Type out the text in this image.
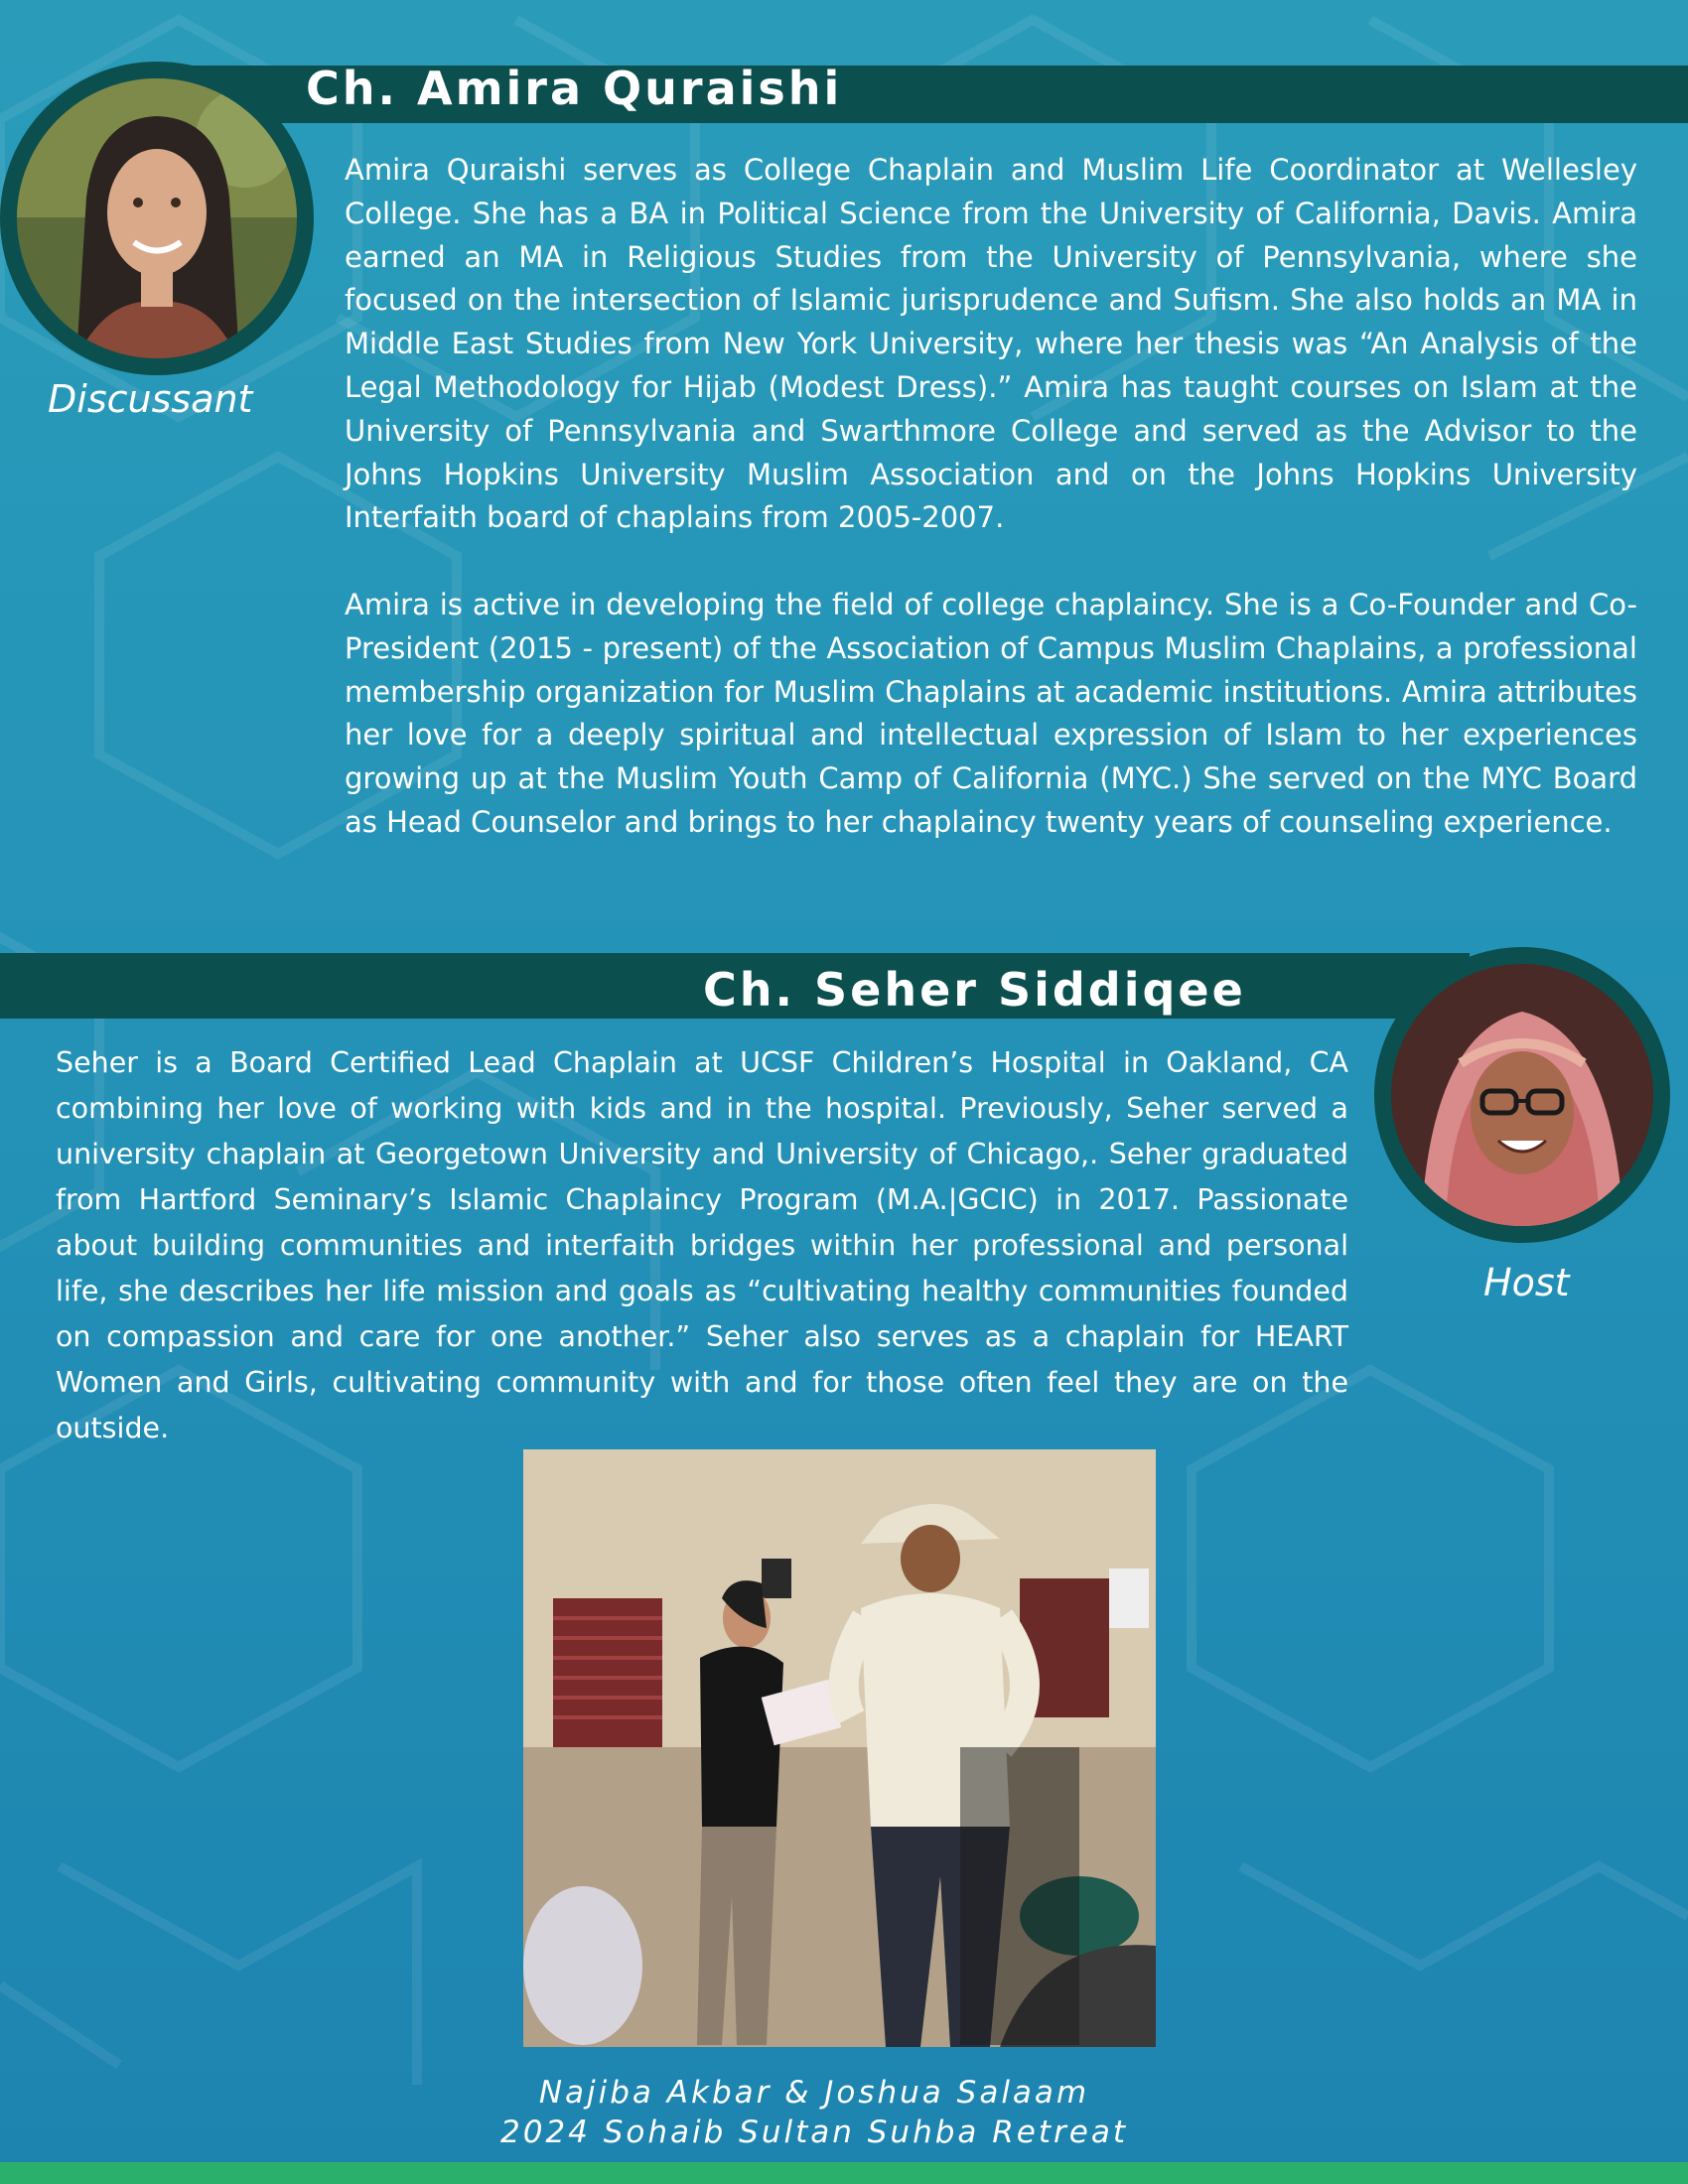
Ch. Amira Quraishi
Discussant

Amira Quraishi serves as College Chaplain and Muslim Life Coordinator at Wellesley College. She has a BA in Political Science from the University of California, Davis. Amira earned an MA in Religious Studies from the University of Pennsylvania, where she focused on the intersection of Islamic jurisprudence and Sufism. She also holds an MA in Middle East Studies from New York University, where her thesis was “An Analysis of the Legal Methodology for Hijab (Modest Dress).” Amira has taught courses on Islam at the University of Pennsylvania and Swarthmore College and served as the Advisor to the Johns Hopkins University Muslim Association and on the Johns Hopkins University Interfaith board of chaplains from 2005-2007.

Amira is active in developing the field of college chaplaincy. She is a Co-Founder and Co-President (2015 - present) of the Association of Campus Muslim Chaplains, a professional membership organization for Muslim Chaplains at academic institutions. Amira attributes her love for a deeply spiritual and intellectual expression of Islam to her experiences growing up at the Muslim Youth Camp of California (MYC.) She served on the MYC Board as Head Counselor and brings to her chaplaincy twenty years of counseling experience.

Ch. Seher Siddiqee
Host

Seher is a Board Certified Lead Chaplain at UCSF Children’s Hospital in Oakland, CA combining her love of working with kids and in the hospital. Previously, Seher served a university chaplain at Georgetown University and University of Chicago,. Seher graduated from Hartford Seminary’s Islamic Chaplaincy Program (M.A.|GCIC) in 2017. Passionate about building communities and interfaith bridges within her professional and personal life, she describes her life mission and goals as “cultivating healthy communities founded on compassion and care for one another.” Seher also serves as a chaplain for HEART Women and Girls, cultivating community with and for those often feel they are on the outside.

Najiba Akbar & Joshua Salaam
2024 Sohaib Sultan Suhba Retreat
